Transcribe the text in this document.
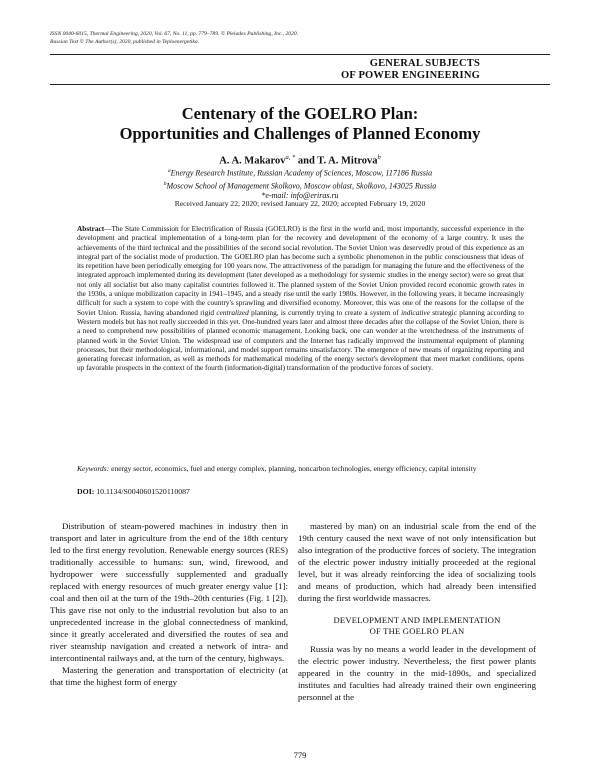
ISSN 0040-6015, Thermal Engineering, 2020, Vol. 67, No. 11, pp. 779–789. © Pleiades Publishing, Inc., 2020.
Russian Text © The Author(s), 2020, published in Teploenergetika.
GENERAL SUBJECTS
OF POWER ENGINEERING
Centenary of the GOELRO Plan:
Opportunities and Challenges of Planned Economy
A. A. Makarov$^{a, *}$ and T. A. Mitrova$^b$
$^a$Energy Research Institute, Russian Academy of Sciences, Moscow, 117186 Russia
$^b$Moscow School of Management Skolkovo, Moscow oblast, Skolkovo, 143025 Russia
*e-mail: info@eriras.ru
Received January 22, 2020; revised January 22, 2020; accepted February 19, 2020
Abstract—The State Commission for Electrification of Russia (GOELRO) is the first in the world and, most importantly, successful experience in the development and practical implementation of a long-term plan for the recovery and development of the economy of a large country. It uses the achievements of the third technical and the possibilities of the second social revolution. The Soviet Union was deservedly proud of this experience as an integral part of the socialist mode of production. The GOELRO plan has become such a symbolic phenomenon in the public consciousness that ideas of its repetition have been periodically emerging for 100 years now. The attractiveness of the paradigm for managing the future and the effectiveness of the integrated approach implemented during its development (later developed as a methodology for systemic studies in the energy sector) were so great that not only all socialist but also many capitalist countries followed it. The planned system of the Soviet Union provided record economic growth rates in the 1930s, a unique mobilization capacity in 1941–1945, and a steady rise until the early 1980s. However, in the following years, it became increasingly difficult for such a system to cope with the country's sprawling and diversified economy. Moreover, this was one of the reasons for the collapse of the Soviet Union. Russia, having abandoned rigid centralized planning, is currently trying to create a system of indicative strategic planning according to Western models but has not really succeeded in this yet. One-hundred years later and almost three decades after the collapse of the Soviet Union, there is a need to comprehend new possibilities of planned economic management. Looking back, one can wonder at the wretchedness of the instruments of planned work in the Soviet Union. The widespread use of computers and the Internet has radically improved the instrumental equipment of planning processes, but their methodological, informational, and model support remains unsatisfactory. The emergence of new means of organizing reporting and generating forecast information, as well as methods for mathematical modeling of the energy sector's development that meet market conditions, opens up favorable prospects in the context of the fourth (information-digital) transformation of the productive forces of society.
Keywords: energy sector, economics, fuel and energy complex, planning, noncarbon technologies, energy efficiency, capital intensity
DOI: 10.1134/S0040601520110087

Distribution of steam-powered machines in industry then in transport and later in agriculture from the end of the 18th century led to the first energy revolution. Renewable energy sources (RES) traditionally accessible to humans: sun, wind, firewood, and hydropower were successfully supplemented and gradually replaced with energy resources of much greater energy value [1]: coal and then oil at the turn of the 19th–20th centuries (Fig. 1 [2]). This gave rise not only to the industrial revolution but also to an unprecedented increase in the global connectedness of mankind, since it greatly accelerated and diversified the routes of sea and river steamship navigation and created a network of intra- and intercontinental railways and, at the turn of the century, highways.

Mastering the generation and transportation of electricity (at that time the highest form of energy

mastered by man) on an industrial scale from the end of the 19th century caused the next wave of not only intensification but also integration of the productive forces of society. The integration of the electric power industry initially proceeded at the regional level, but it was already reinforcing the idea of socializing tools and means of production, which had already been intensified during the first worldwide massacres.

DEVELOPMENT AND IMPLEMENTATION
OF THE GOELRO PLAN

Russia was by no means a world leader in the development of the electric power industry. Nevertheless, the first power plants appeared in the country in the mid-1890s, and specialized institutes and faculties had already trained their own engineering personnel at the

779
